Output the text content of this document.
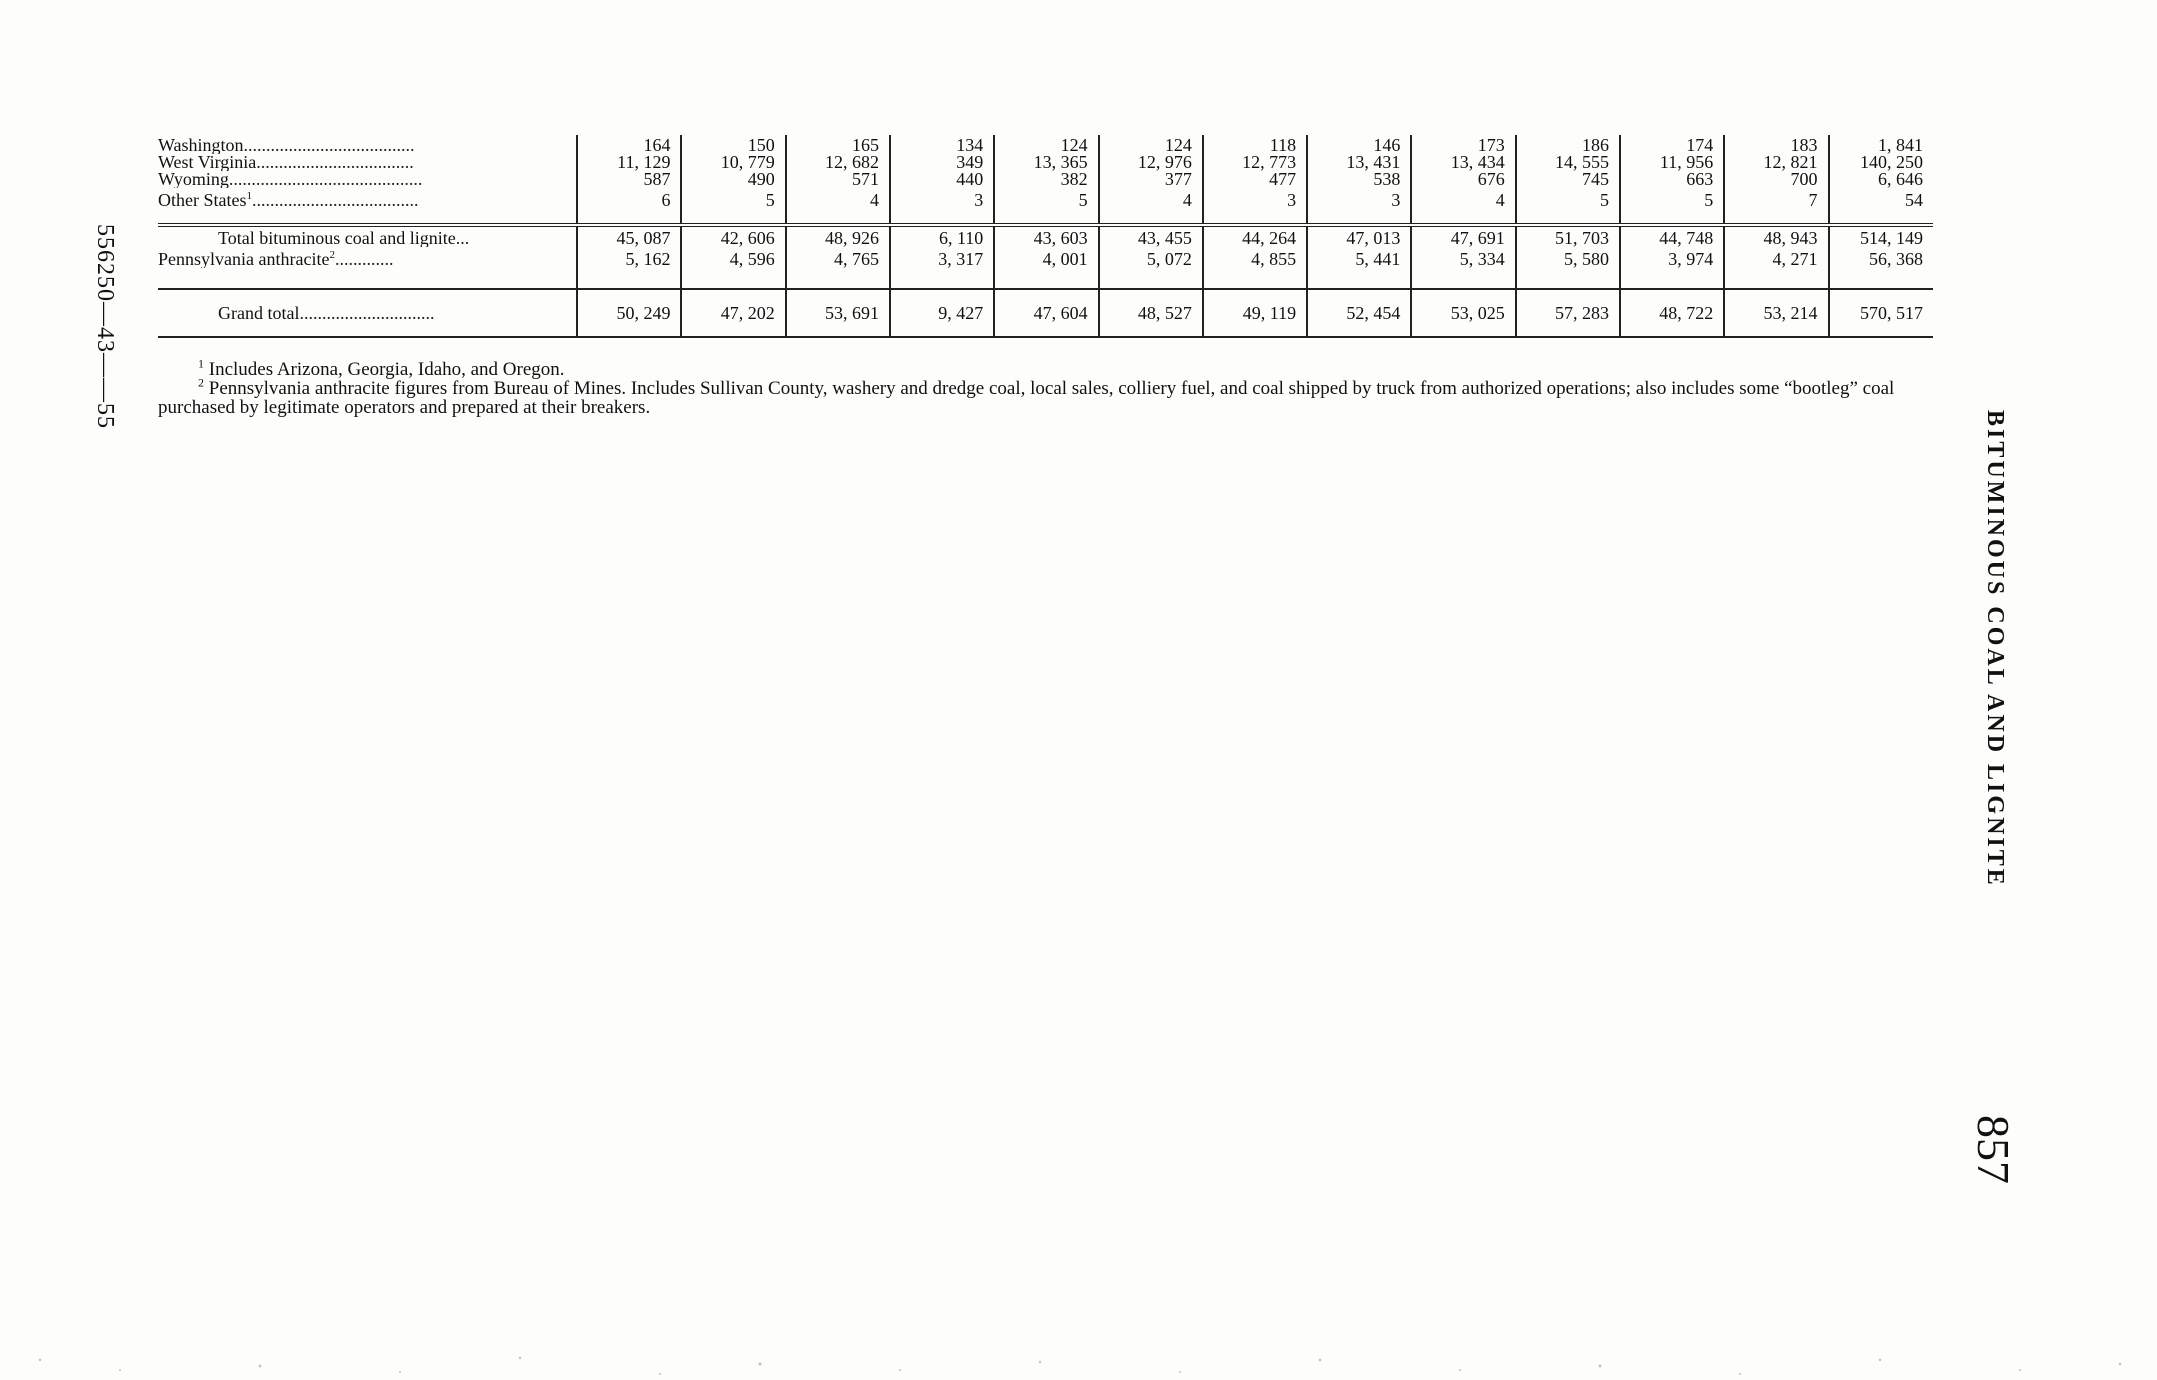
556250—43——55
Washington......................................	164	150	165	134	124	124	118	146	173	186	174	183	1, 841
West Virginia...................................	11, 129	10, 779	12, 682	349	13, 365	12, 976	12, 773	13, 431	13, 434	14, 555	11, 956	12, 821	140, 250
Wyoming...........................................	587	490	571	440	382	377	477	538	676	745	663	700	6, 646
Other States$^1$.....................................	6	5	4	3	5	4	3	3	4	5	5	7	54

Total bituminous coal and lignite...	45, 087	42, 606	48, 926	6, 110	43, 603	43, 455	44, 264	47, 013	47, 691	51, 703	44, 748	48, 943	514, 149
Pennsylvania anthracite$^2$.............	5, 162	4, 596	4, 765	3, 317	4, 001	5, 072	4, 855	5, 441	5, 334	5, 580	3, 974	4, 271	56, 368

Grand total..............................	50, 249	47, 202	53, 691	9, 427	47, 604	48, 527	49, 119	52, 454	53, 025	57, 283	48, 722	53, 214	570, 517

$^1$ Includes Arizona, Georgia, Idaho, and Oregon.

$^2$ Pennsylvania anthracite figures from Bureau of Mines. Includes Sullivan County, washery and dredge coal, local sales, colliery fuel, and coal shipped by truck from authorized operations; also includes some “bootleg” coal purchased by legitimate operators and prepared at their breakers.

BITUMINOUS COAL AND LIGNITE
857
